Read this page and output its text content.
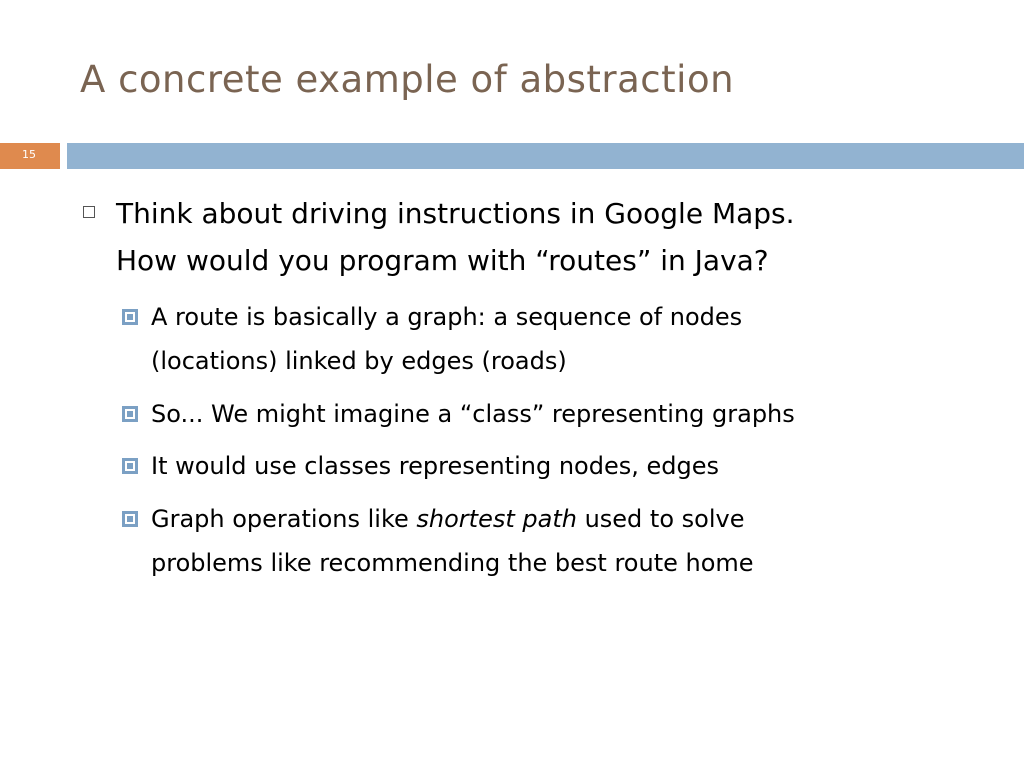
A concrete example of abstraction
15
Think about driving instructions in Google Maps.
How would you program with “routes” in Java?
A route is basically a graph: a sequence of nodes
(locations) linked by edges (roads)
So... We might imagine a “class” representing graphs
It would use classes representing nodes, edges
Graph operations like shortest path used to solve
problems like recommending the best route home
